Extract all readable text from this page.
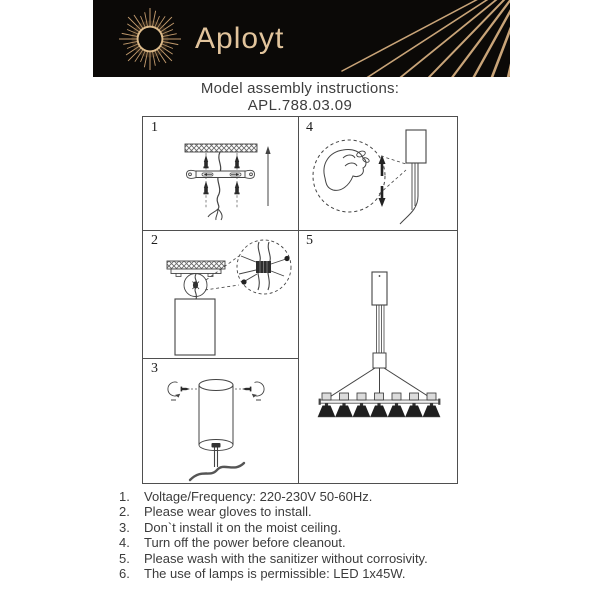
Aployt
Model assembly instructions:
APL.788.03.09
1
2
3
4
5
1.	Voltage/Frequency: 220-230V 50-60Hz.
2.	Please wear gloves to install.
3.	Don`t install it on the moist ceiling.
4.	Turn off the power before cleanout.
5.	Please wash with the sanitizer without corrosivity.
6.	The use of lamps is permissible: LED 1x45W.
